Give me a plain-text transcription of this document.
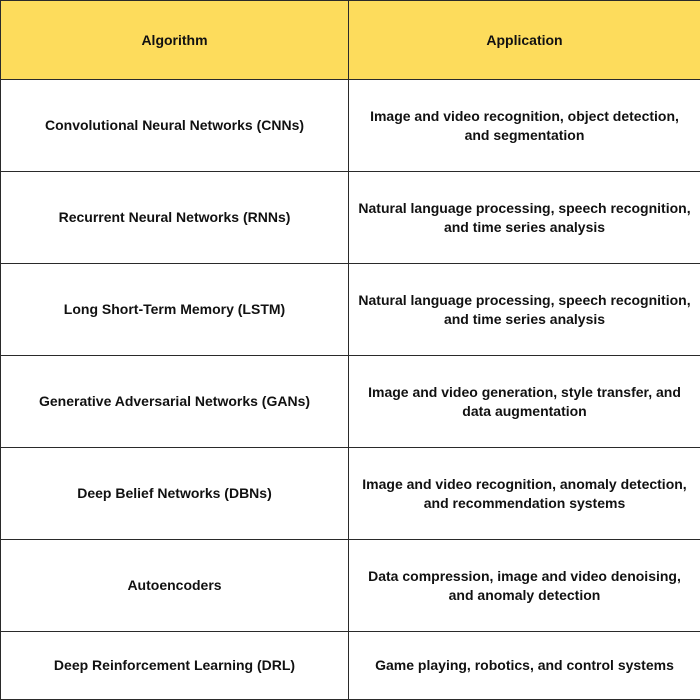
Algorithm	Application
Convolutional Neural Networks (CNNs)	Image and video recognition, object detection,
and segmentation

Recurrent Neural Networks (RNNs)	Natural language processing, speech recognition,
and time series analysis

Long Short-Term Memory (LSTM)	Natural language processing, speech recognition,
and time series analysis

Generative Adversarial Networks (GANs)	Image and video generation, style transfer, and
data augmentation

Deep Belief Networks (DBNs)	Image and video recognition, anomaly detection,
and recommendation systems

Autoencoders	Data compression, image and video denoising,
and anomaly detection

Deep Reinforcement Learning (DRL)	Game playing, robotics, and control systems
